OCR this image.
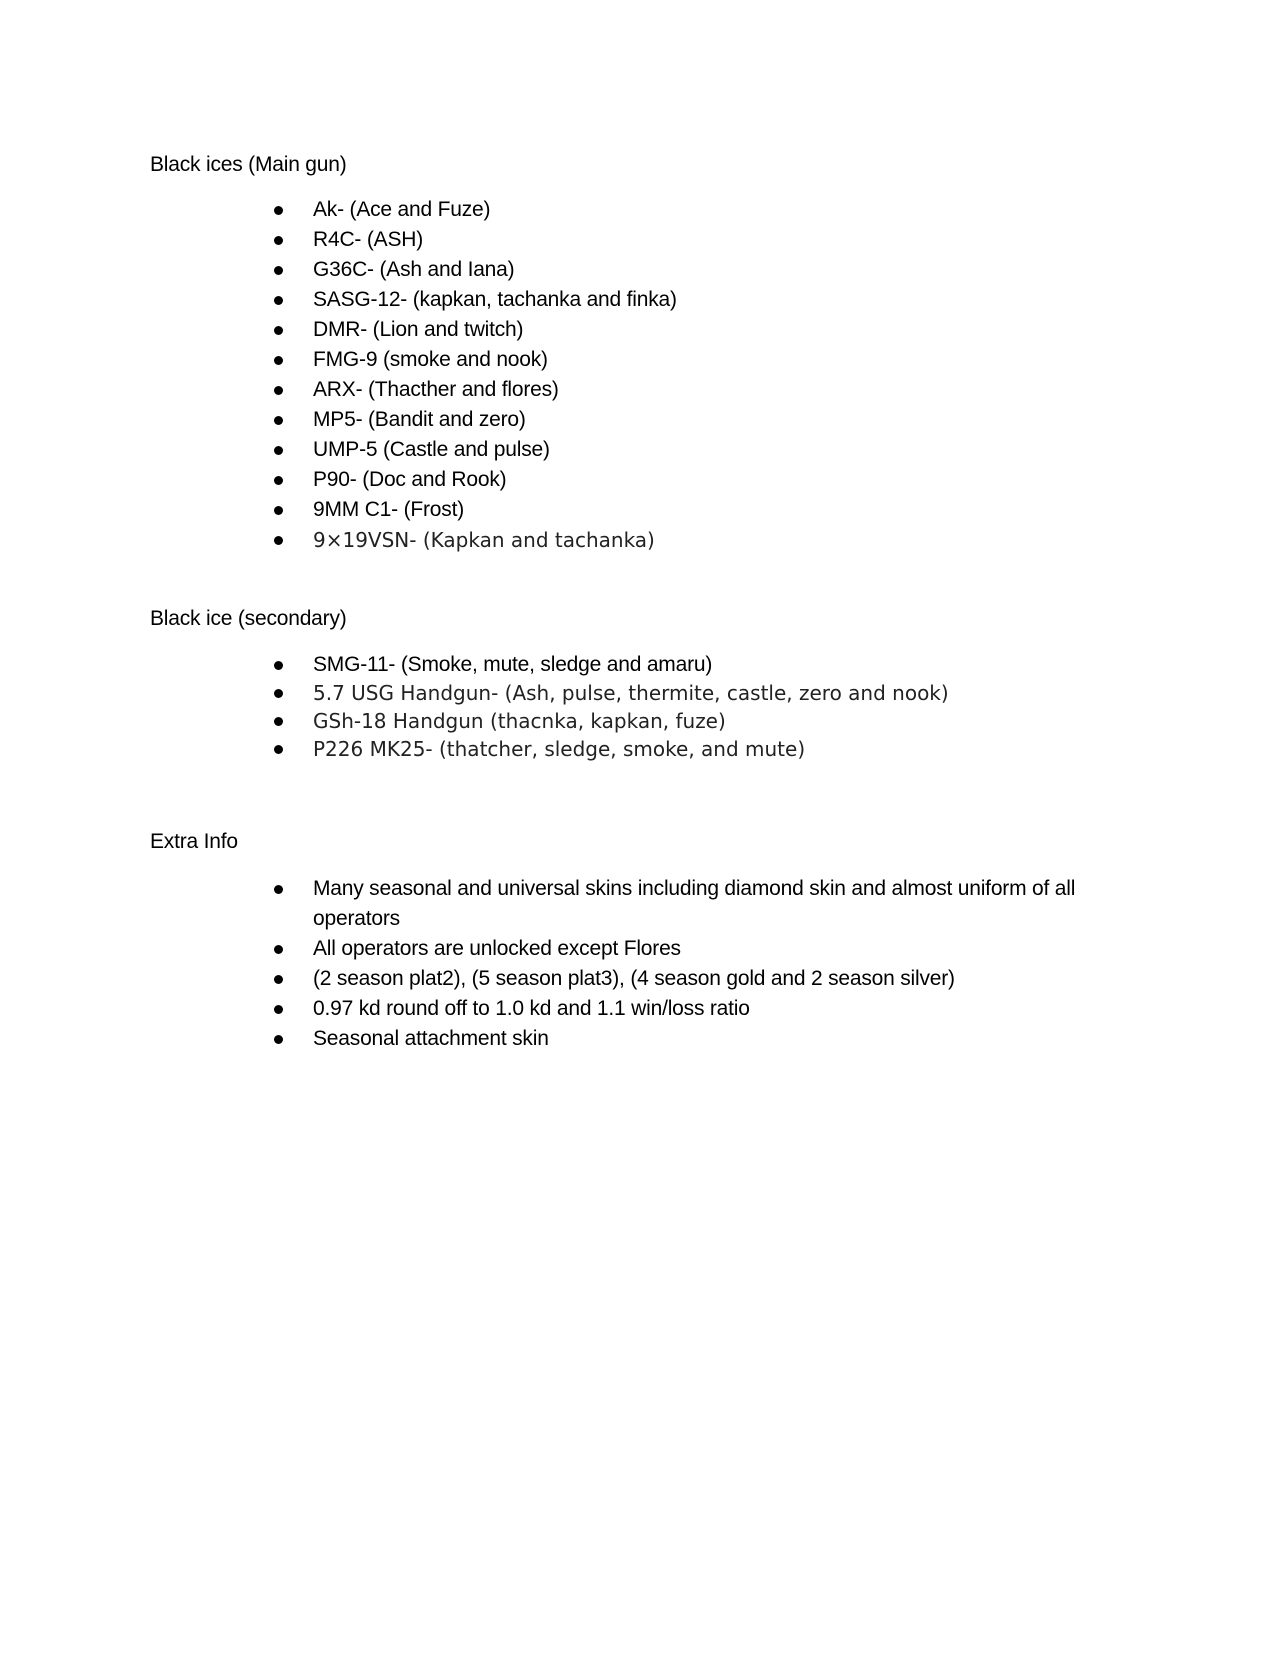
Black ices (Main gun)

Ak- (Ace and Fuze)
R4C- (ASH)
G36C- (Ash and Iana)
SASG-12- (kapkan, tachanka and finka)
DMR- (Lion and twitch)
FMG-9 (smoke and nook)
ARX- (Thacther and flores)
MP5- (Bandit and zero)
UMP-5 (Castle and pulse)
P90- (Doc and Rook)
9MM C1- (Frost)
9×19VSN- (Kapkan and tachanka)

Black ice (secondary)

SMG-11- (Smoke, mute, sledge and amaru)
5.7 USG Handgun- (Ash, pulse, thermite, castle, zero and nook)
GSh-18 Handgun (thacnka, kapkan, fuze)
P226 MK25- (thatcher, sledge, smoke, and mute)

Extra Info

Many seasonal and universal skins including diamond skin and almost uniform of all operators
All operators are unlocked except Flores
(2 season plat2), (5 season plat3), (4 season gold and 2 season silver)
0.97 kd round off to 1.0 kd and 1.1 win/loss ratio
Seasonal attachment skin
